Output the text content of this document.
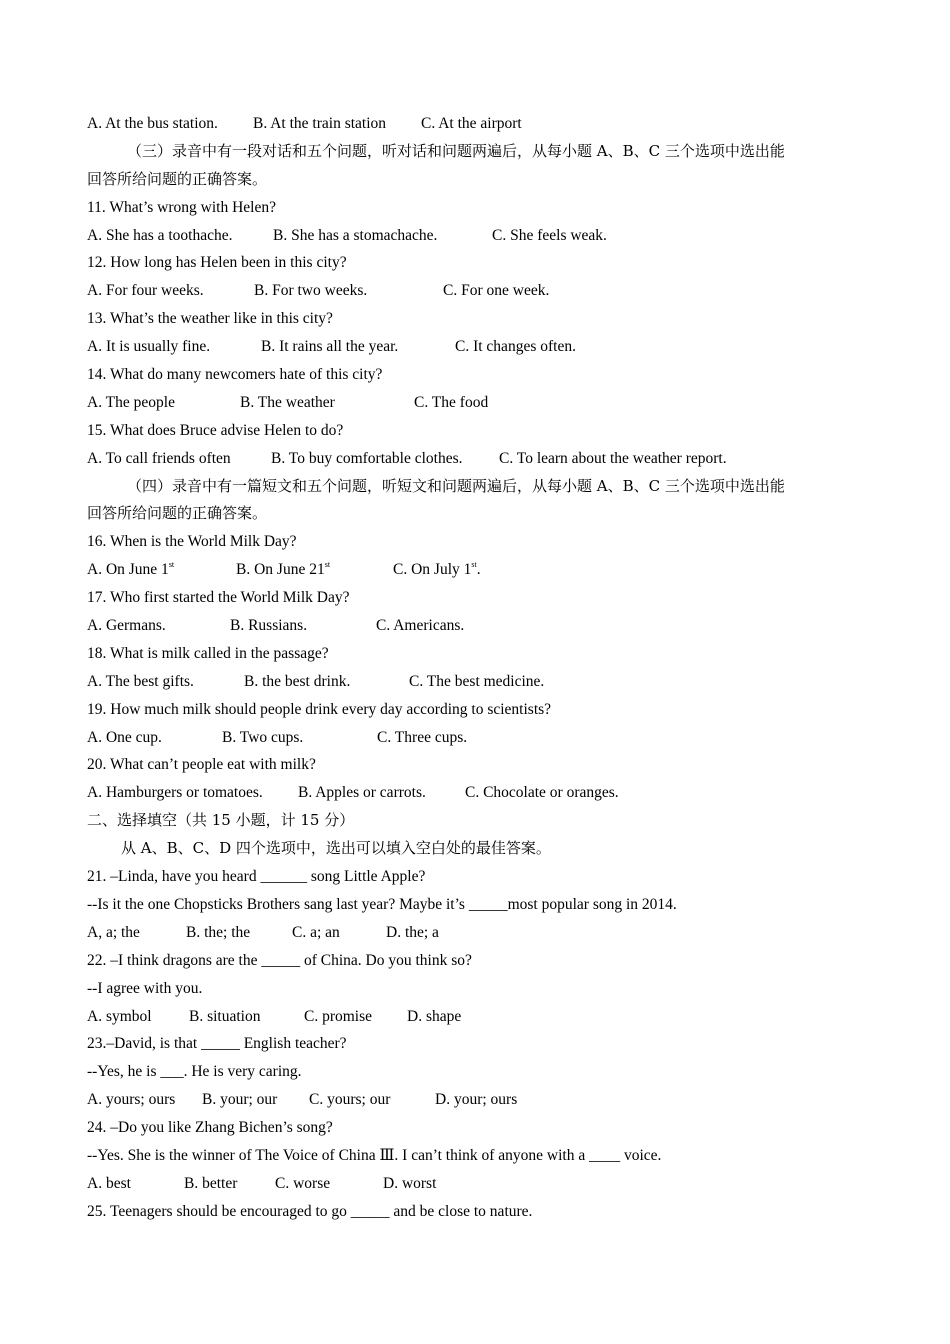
A. At the bus station. B. At the train station C. At the airport
（三）录音中有一段对话和五个问题，听对话和问题两遍后，从每小题 A、B、C 三个选项中选出能
回答所给问题的正确答案。
11. What’s wrong with Helen?
A. She has a toothache.	B. She has a stomachache.	C. She feels weak.
12. How long has Helen been in this city?
A. For four weeks.	B. For two weeks.	C. For one week.
13. What’s the weather like in this city?
A. It is usually fine.	B. It rains all the year.	C. It changes often.
14. What do many newcomers hate of this city?
A. The people	B. The weather	C. The food
15. What does Bruce advise Helen to do?
A. To call friends often	B. To buy comfortable clothes. C. To learn about the weather report.
（四）录音中有一篇短文和五个问题，听短文和问题两遍后，从每小题 A、B、C 三个选项中选出能
回答所给问题的正确答案。
16. When is the World Milk Day?
A. On June 1st	B. On June 21st	C. On July 1st.
17. Who first started the World Milk Day?
A. Germans.	B. Russians.	C. Americans.
18. What is milk called in the passage?
A. The best gifts.	B. the best drink.	C. The best medicine.
19. How much milk should people drink every day according to scientists?
A. One cup.	B. Two cups.	C. Three cups.
20. What can’t people eat with milk?
A. Hamburgers or tomatoes. B. Apples or carrots.	C. Chocolate or oranges.
二、选择填空（共 15 小题，计 15 分）
从 A、B、C、D 四个选项中，选出可以填入空白处的最佳答案。
21. –Linda, have you heard ______ song Little Apple?
--Is it the one Chopsticks Brothers sang last year? Maybe it’s _____most popular song in 2014.
A, a; the	B. the; the	C. a; an	D. the; a
22. –I think dragons are the _____ of China. Do you think so?
--I agree with you.
A. symbol B. situation	C. promise D. shape
23.–David, is that _____ English teacher?
--Yes, he is ___. He is very caring.
A. yours; ours B. your; our C. yours; our	D. your; ours
24. –Do you like Zhang Bichen’s song?
--Yes. She is the winner of The Voice of China Ⅲ. I can’t think of anyone with a ____ voice.
A. best	B. better C. worse	D. worst
25. Teenagers should be encouraged to go _____ and be close to nature.
